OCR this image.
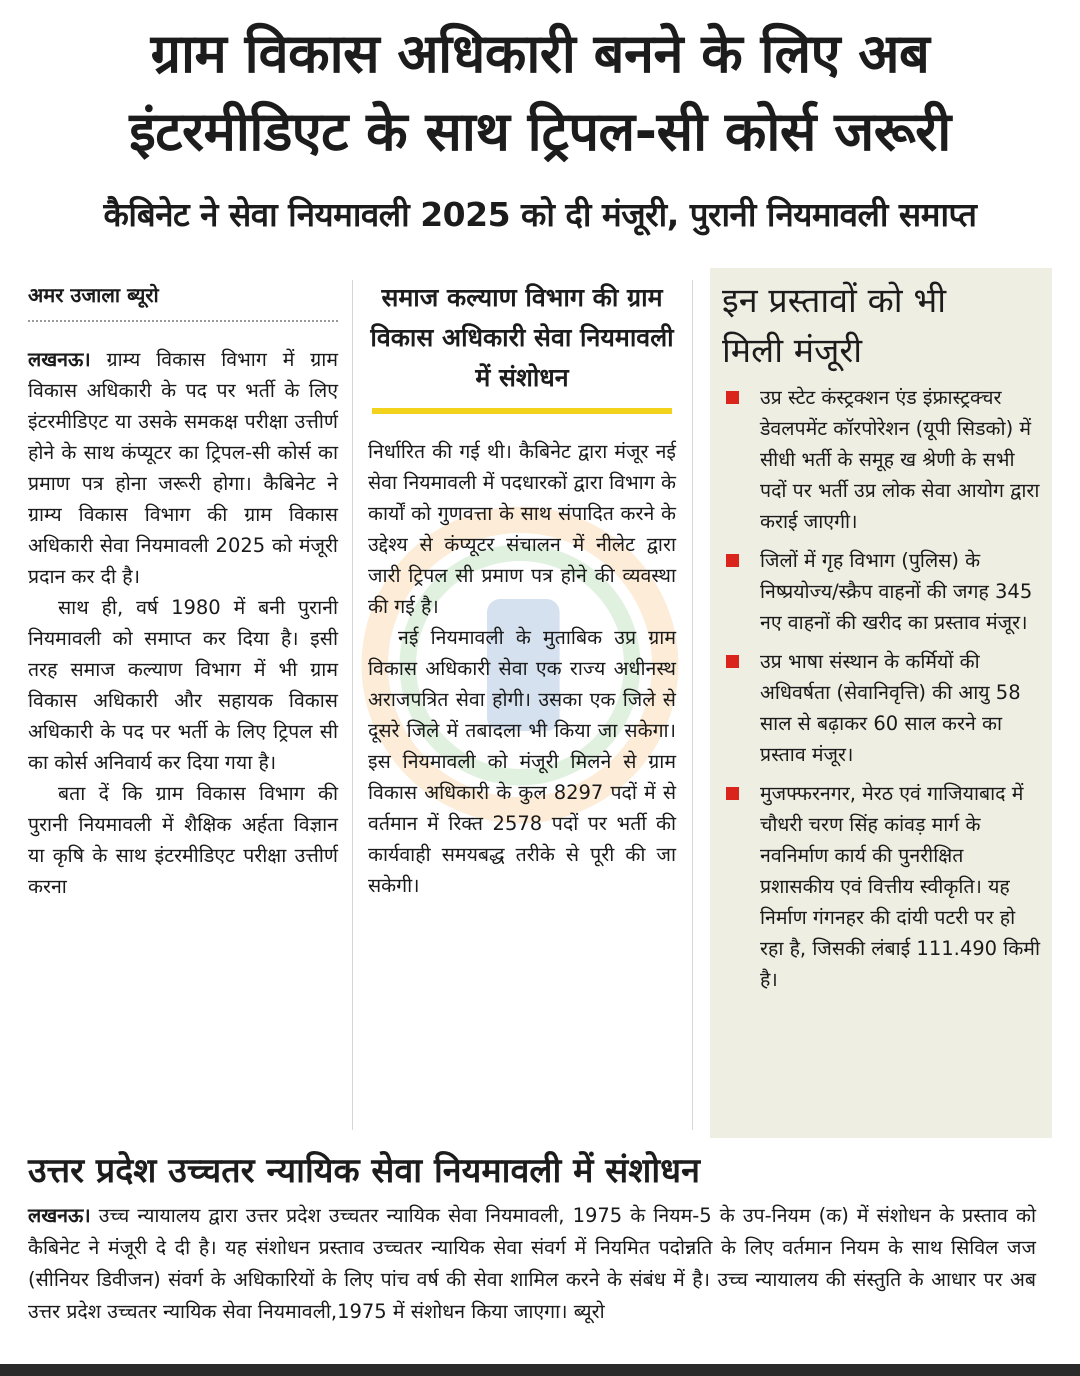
ग्राम विकास अधिकारी बनने के लिए अब
इंटरमीडिएट के साथ ट्रिपल-सी कोर्स जरूरी
कैबिनेट ने सेवा नियमावली 2025 को दी मंजूरी, पुरानी नियमावली समाप्त
अमर उजाला ब्यूरो

लखनऊ। ग्राम्य विकास विभाग में ग्राम विकास अधिकारी के पद पर भर्ती के लिए इंटरमीडिएट या उसके समकक्ष परीक्षा उत्तीर्ण होने के साथ कंप्यूटर का ट्रिपल-सी कोर्स का प्रमाण पत्र होना जरूरी होगा। कैबिनेट ने ग्राम्य विकास विभाग की ग्राम विकास अधिकारी सेवा नियमावली 2025 को मंजूरी प्रदान कर दी है।

साथ ही, वर्ष 1980 में बनी पुरानी नियमावली को समाप्त कर दिया है। इसी तरह समाज कल्याण विभाग में भी ग्राम विकास अधिकारी और सहायक विकास अधिकारी के पद पर भर्ती के लिए ट्रिपल सी का कोर्स अनिवार्य कर दिया गया है।

बता दें कि ग्राम विकास विभाग की पुरानी नियमावली में शैक्षिक अर्हता विज्ञान या कृषि के साथ इंटरमीडिएट परीक्षा उत्तीर्ण करना

समाज कल्याण विभाग की ग्राम विकास अधिकारी सेवा नियमावली में संशोधन

निर्धारित की गई थी। कैबिनेट द्वारा मंजूर नई सेवा नियमावली में पदधारकों द्वारा विभाग के कार्यों को गुणवत्ता के साथ संपादित करने के उद्देश्य से कंप्यूटर संचालन में नीलेट द्वारा जारी ट्रिपल सी प्रमाण पत्र होने की व्यवस्था की गई है।

नई नियमावली के मुताबिक उप्र ग्राम विकास अधिकारी सेवा एक राज्य अधीनस्थ अराजपत्रित सेवा होगी। उसका एक जिले से दूसरे जिले में तबादला भी किया जा सकेगा। इस नियमावली को मंजूरी मिलने से ग्राम विकास अधिकारी के कुल 8297 पदों में से वर्तमान में रिक्त 2578 पदों पर भर्ती की कार्यवाही समयबद्ध तरीके से पूरी की जा सकेगी।

इन प्रस्तावों को भी
मिली मंजूरी
उप्र स्टेट कंस्ट्रक्शन एंड इंफ्रास्ट्रक्चर डेवलपमेंट कॉरपोरेशन (यूपी सिडको) में सीधी भर्ती के समूह ख श्रेणी के सभी पदों पर भर्ती उप्र लोक सेवा आयोग द्वारा कराई जाएगी।
जिलों में गृह विभाग (पुलिस) के निष्प्रयोज्य/स्क्रैप वाहनों की जगह 345 नए वाहनों की खरीद का प्रस्ताव मंजूर।
उप्र भाषा संस्थान के कर्मियों की अधिवर्षता (सेवानिवृत्ति) की आयु 58 साल से बढ़ाकर 60 साल करने का प्रस्ताव मंजूर।
मुजफ्फरनगर, मेरठ एवं गाजियाबाद में चौधरी चरण सिंह कांवड़ मार्ग के नवनिर्माण कार्य की पुनरीक्षित प्रशासकीय एवं वित्तीय स्वीकृति। यह निर्माण गंगनहर की दांयी पटरी पर हो रहा है, जिसकी लंबाई 111.490 किमी है।
उत्तर प्रदेश उच्चतर न्यायिक सेवा नियमावली में संशोधन
लखनऊ। उच्च न्यायालय द्वारा उत्तर प्रदेश उच्चतर न्यायिक सेवा नियमावली, 1975 के नियम-5 के उप-नियम (क) में संशोधन के प्रस्ताव को कैबिनेट ने मंजूरी दे दी है। यह संशोधन प्रस्ताव उच्चतर न्यायिक सेवा संवर्ग में नियमित पदोन्नति के लिए वर्तमान नियम के साथ सिविल जज (सीनियर डिवीजन) संवर्ग के अधिकारियों के लिए पांच वर्ष की सेवा शामिल करने के संबंध में है। उच्च न्यायालय की संस्तुति के आधार पर अब उत्तर प्रदेश उच्चतर न्यायिक सेवा नियमावली,1975 में संशोधन किया जाएगा। ब्यूरो
